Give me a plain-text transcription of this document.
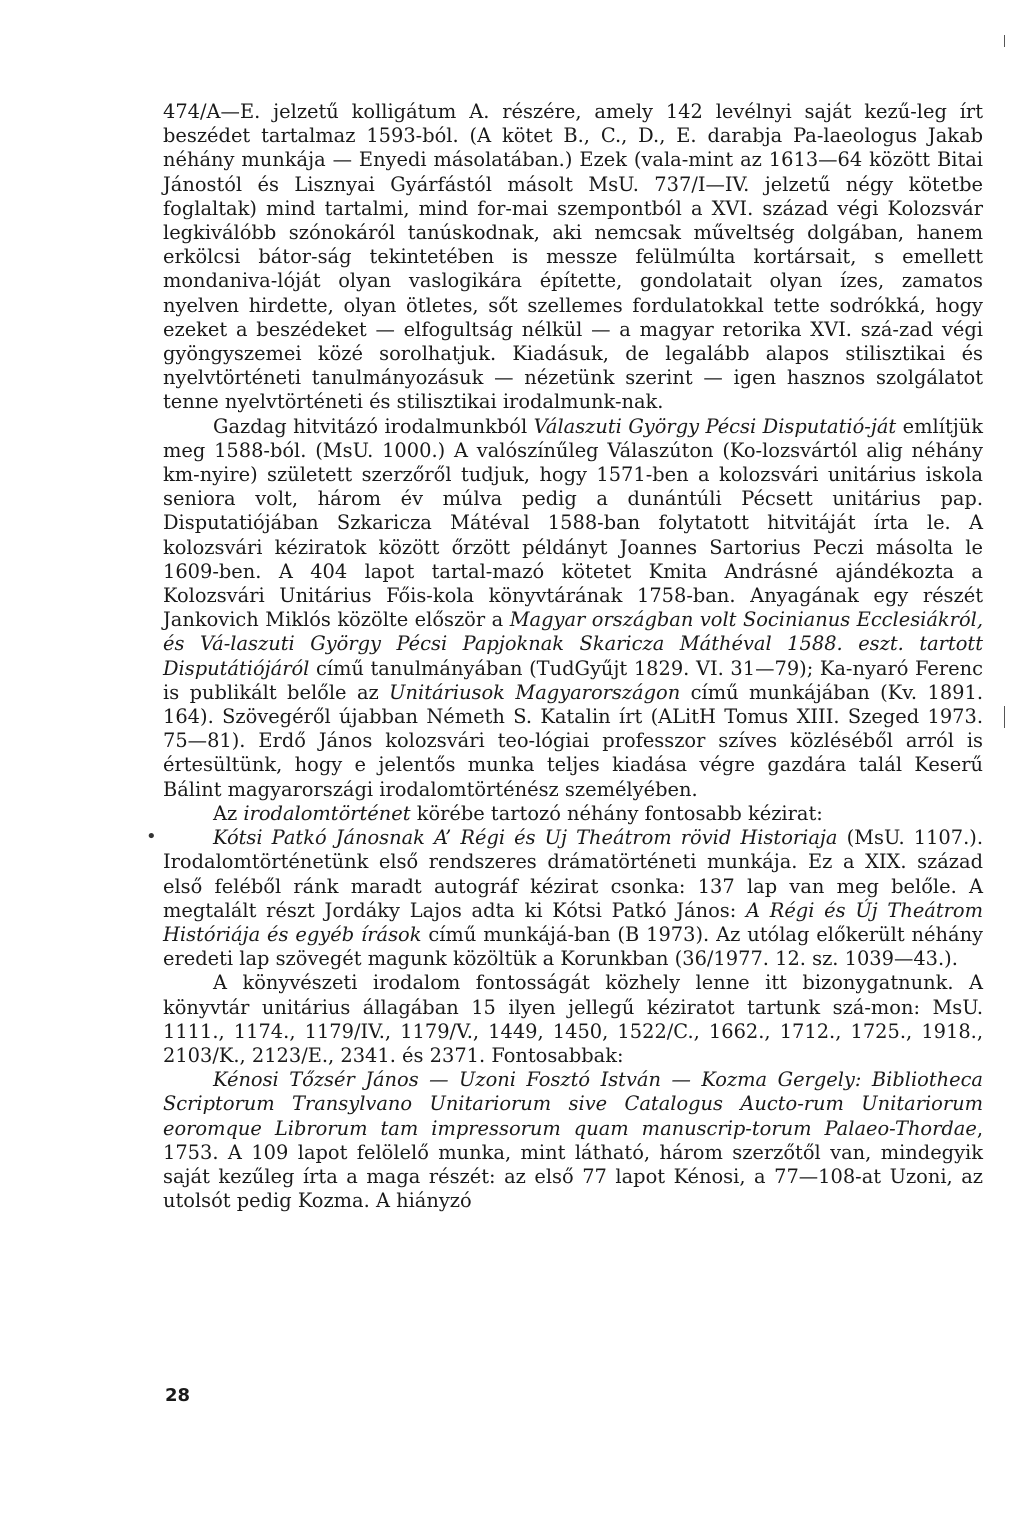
474/A—E. jelzetű kolligátum A. részére, amely 142 levélnyi saját kezű-leg írt beszédet tartalmaz 1593-ból. (A kötet B., C., D., E. darabja Pa-laeologus Jakab néhány munkája — Enyedi másolatában.) Ezek (vala-mint az 1613—64 között Bitai Jánostól és Lisznyai Gyárfástól másolt MsU. 737/I—IV. jelzetű négy kötetbe foglaltak) mind tartalmi, mind for-mai szempontból a XVI. század végi Kolozsvár legkiválóbb szónokáról tanúskodnak, aki nemcsak műveltség dolgában, hanem erkölcsi bátor-ság tekintetében is messze felülmúlta kortársait, s emellett mondaniva-lóját olyan vaslogikára építette, gondolatait olyan ízes, zamatos nyelven hirdette, olyan ötletes, sőt szellemes fordulatokkal tette sodrókká, hogy ezeket a beszédeket — elfogultság nélkül — a magyar retorika XVI. szá-zad végi gyöngyszemei közé sorolhatjuk. Kiadásuk, de legalább alapos stilisztikai és nyelvtörténeti tanulmányozásuk — nézetünk szerint — igen hasznos szolgálatot tenne nyelvtörténeti és stilisztikai irodalmunk-nak.

Gazdag hitvitázó irodalmunkból Válaszuti György Pécsi Disputatió-ját említjük meg 1588-ból. (MsU. 1000.) A valószínűleg Válaszúton (Ko-lozsvártól alig néhány km-nyire) született szerzőről tudjuk, hogy 1571-ben a kolozsvári unitárius iskola seniora volt, három év múlva pedig a dunántúli Pécsett unitárius pap. Disputatiójában Szkaricza Mátéval 1588-ban folytatott hitvitáját írta le. A kolozsvári kéziratok között őrzött példányt Joannes Sartorius Peczi másolta le 1609-ben. A 404 lapot tartal-mazó kötetet Kmita Andrásné ajándékozta a Kolozsvári Unitárius Főis-kola könyvtárának 1758-ban. Anyagának egy részét Jankovich Miklós közölte először a Magyar országban volt Socinianus Ecclesiákról, és Vá-laszuti György Pécsi Papjoknak Skaricza Máthéval 1588. eszt. tartott Disputátiójáról című tanulmányában (TudGyűjt 1829. VI. 31—79); Ka-nyaró Ferenc is publikált belőle az Unitáriusok Magyarországon című munkájában (Kv. 1891. 164). Szövegéről újabban Németh S. Katalin írt (ALitH Tomus XIII. Szeged 1973. 75—81). Erdő János kolozsvári teo-lógiai professzor szíves közléséből arról is értesültünk, hogy e jelentős munka teljes kiadása végre gazdára talál Keserű Bálint magyarországi irodalomtörténész személyében.

Az irodalomtörténet körébe tartozó néhány fontosabb kézirat:

Kótsi Patkó Jánosnak A’ Régi és Uj Theátrom rövid Historiaja (MsU. 1107.). Irodalomtörténetünk első rendszeres drámatörténeti munkája. Ez a XIX. század első feléből ránk maradt autográf kézirat csonka: 137 lap van meg belőle. A megtalált részt Jordáky Lajos adta ki Kótsi Patkó János: A Régi és Új Theátrom Históriája és egyéb írások című munkájá-ban (B 1973). Az utólag előkerült néhány eredeti lap szövegét magunk közöltük a Korunkban (36/1977. 12. sz. 1039—43.).

A könyvészeti irodalom fontosságát közhely lenne itt bizonygatnunk. A könyvtár unitárius állagában 15 ilyen jellegű kéziratot tartunk szá-mon: MsU. 1111., 1174., 1179/IV., 1179/V., 1449, 1450, 1522/C., 1662., 1712., 1725., 1918., 2103/K., 2123/E., 2341. és 2371. Fontosabbak:

Kénosi Tőzsér János — Uzoni Fosztó István — Kozma Gergely: Bibliotheca Scriptorum Transylvano Unitariorum sive Catalogus Aucto-rum Unitariorum eoromque Librorum tam impressorum quam manuscrip-torum Palaeo-Thordae, 1753. A 109 lapot felölelő munka, mint látható, három szerzőtől van, mindegyik saját kezűleg írta a maga részét: az első 77 lapot Kénosi, a 77—108-at Uzoni, az utolsót pedig Kozma. A hiányzó

•
28
